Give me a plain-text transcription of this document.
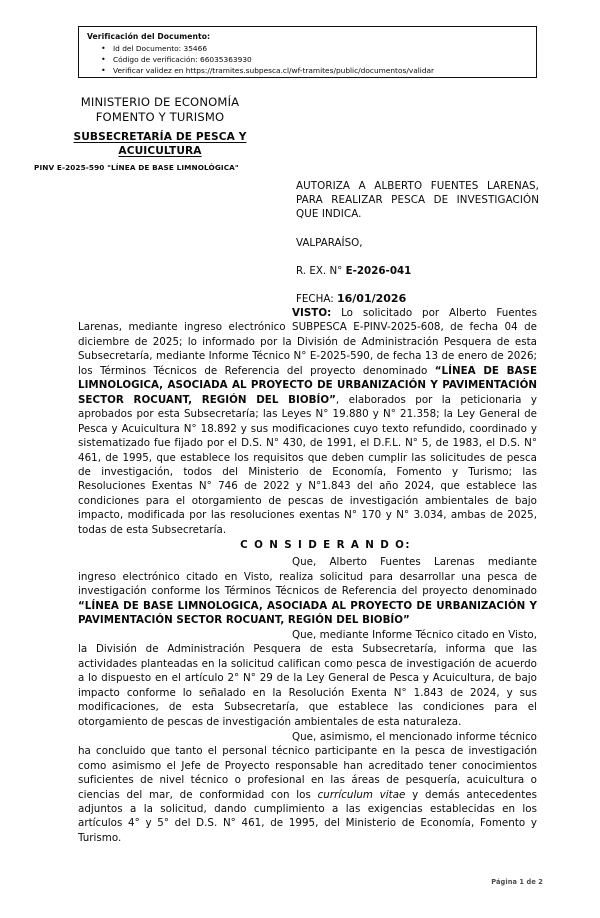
Verificación del Documento:
• Id del Documento: 35466
• Código de verificación: 66035363930
• Verificar validez en https://tramites.subpesca.cl/wf-tramites/public/documentos/validar
MINISTERIO DE ECONOMÍA
FOMENTO Y TURISMO
SUBSECRETARÍA DE PESCA Y
ACUICULTURA
PINV E-2025-590 "LÍNEA DE BASE LIMNOLÓGICA"
AUTORIZA A ALBERTO FUENTES LARENAS, PARA REALIZAR PESCA DE INVESTIGACIÓN QUE INDICA.
VALPARAÍSO,
R. EX. N° E-2026-041
FECHA: 16/01/2026

VISTO: Lo solicitado por Alberto Fuentes Larenas, mediante ingreso electrónico SUBPESCA E-PINV-2025-608, de fecha 04 de diciembre de 2025; lo informado por la División de Administración Pesquera de esta Subsecretaría, mediante Informe Técnico N° E-2025-590, de fecha 13 de enero de 2026; los Términos Técnicos de Referencia del proyecto denominado “LÍNEA DE BASE LIMNOLOGICA, ASOCIADA AL PROYECTO DE URBANIZACIÓN Y PAVIMENTACIÓN SECTOR ROCUANT, REGIÓN DEL BIOBÍO”, elaborados por la peticionaria y aprobados por esta Subsecretaría; las Leyes N° 19.880 y N° 21.358; la Ley General de Pesca y Acuicultura N° 18.892 y sus modificaciones cuyo texto refundido, coordinado y sistematizado fue fijado por el D.S. N° 430, de 1991, el D.F.L. N° 5, de 1983, el D.S. N° 461, de 1995, que establece los requisitos que deben cumplir las solicitudes de pesca de investigación, todos del Ministerio de Economía, Fomento y Turismo; las Resoluciones Exentas N° 746 de 2022 y N°1.843 del año 2024, que establece las condiciones para el otorgamiento de pescas de investigación ambientales de bajo impacto, modificada por las resoluciones exentas N° 170 y N° 3.034, ambas de 2025, todas de esta Subsecretaría.

C O N S I D E R A N D O:

Que, Alberto Fuentes Larenas mediante ingreso electrónico citado en Visto, realiza solicitud para desarrollar una pesca de investigación conforme los Términos Técnicos de Referencia del proyecto denominado “LÍNEA DE BASE LIMNOLOGICA, ASOCIADA AL PROYECTO DE URBANIZACIÓN Y PAVIMENTACIÓN SECTOR ROCUANT, REGIÓN DEL BIOBÍO”

Que, mediante Informe Técnico citado en Visto, la División de Administración Pesquera de esta Subsecretaría, informa que las actividades planteadas en la solicitud califican como pesca de investigación de acuerdo a lo dispuesto en el artículo 2° N° 29 de la Ley General de Pesca y Acuicultura, de bajo impacto conforme lo señalado en la Resolución Exenta N° 1.843 de 2024, y sus modificaciones, de esta Subsecretaría, que establece las condiciones para el otorgamiento de pescas de investigación ambientales de esta naturaleza.

Que, asimismo, el mencionado informe técnico ha concluido que tanto el personal técnico participante en la pesca de investigación como asimismo el Jefe de Proyecto responsable han acreditado tener conocimientos suficientes de nivel técnico o profesional en las áreas de pesquería, acuicultura o ciencias del mar, de conformidad con los currículum vitae y demás antecedentes adjuntos a la solicitud, dando cumplimiento a las exigencias establecidas en los artículos 4° y 5° del D.S. N° 461, de 1995, del Ministerio de Economía, Fomento y Turismo.

Página 1 de 2
